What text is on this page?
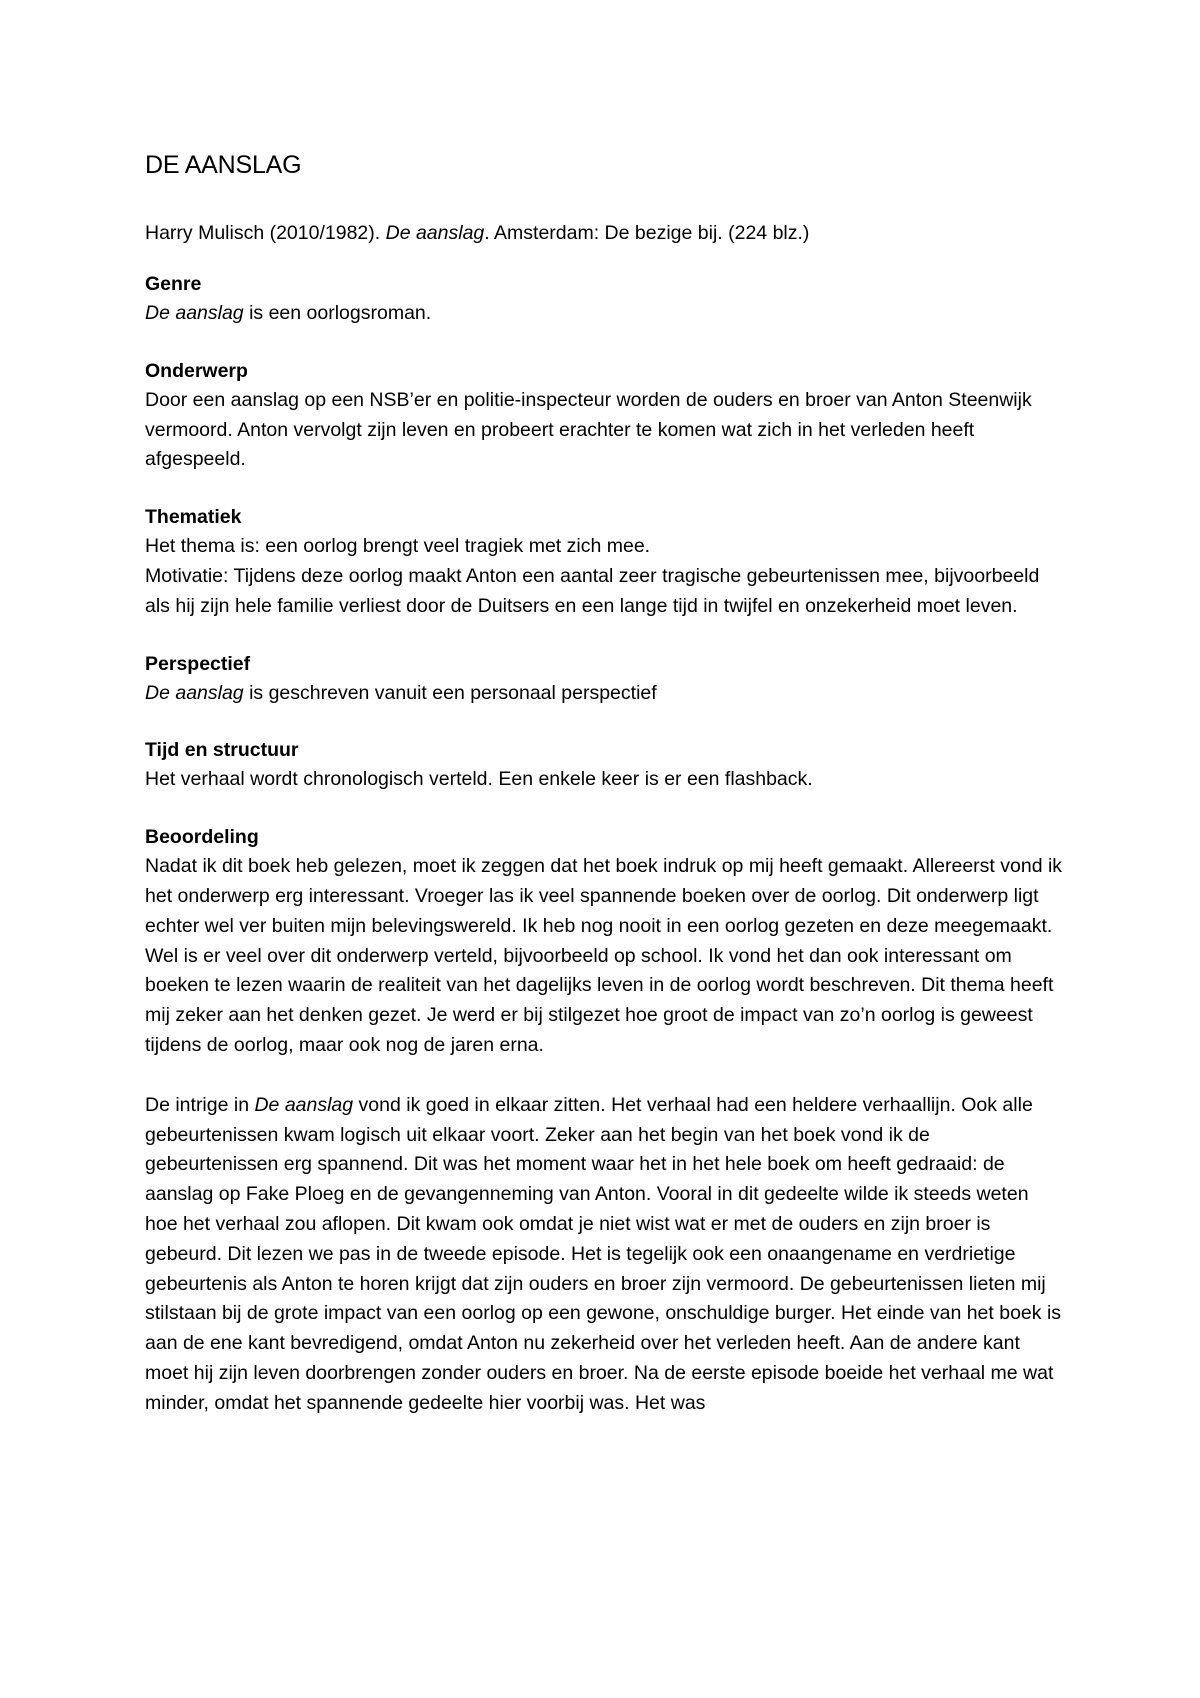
DE AANSLAG
Harry Mulisch (2010/1982). De aanslag. Amsterdam: De bezige bij. (224 blz.)
Genre
De aanslag is een oorlogsroman.
Onderwerp
Door een aanslag op een NSB’er en politie-inspecteur worden de ouders en broer van Anton Steenwijk vermoord. Anton vervolgt zijn leven en probeert erachter te komen wat zich in het verleden heeft afgespeeld.
Thematiek
Het thema is: een oorlog brengt veel tragiek met zich mee.
Motivatie: Tijdens deze oorlog maakt Anton een aantal zeer tragische gebeurtenissen mee, bijvoorbeeld als hij zijn hele familie verliest door de Duitsers en een lange tijd in twijfel en onzekerheid moet leven.
Perspectief
De aanslag is geschreven vanuit een personaal perspectief
Tijd en structuur
Het verhaal wordt chronologisch verteld. Een enkele keer is er een flashback.
Beoordeling
Nadat ik dit boek heb gelezen, moet ik zeggen dat het boek indruk op mij heeft gemaakt. Allereerst vond ik het onderwerp erg interessant. Vroeger las ik veel spannende boeken over de oorlog. Dit onderwerp ligt echter wel ver buiten mijn belevingswereld. Ik heb nog nooit in een oorlog gezeten en deze meegemaakt. Wel is er veel over dit onderwerp verteld, bijvoorbeeld op school. Ik vond het dan ook interessant om boeken te lezen waarin de realiteit van het dagelijks leven in de oorlog wordt beschreven. Dit thema heeft mij zeker aan het denken gezet. Je werd er bij stilgezet hoe groot de impact van zo’n oorlog is geweest tijdens de oorlog, maar ook nog de jaren erna.
De intrige in De aanslag vond ik goed in elkaar zitten. Het verhaal had een heldere verhaallijn. Ook alle gebeurtenissen kwam logisch uit elkaar voort. Zeker aan het begin van het boek vond ik de gebeurtenissen erg spannend. Dit was het moment waar het in het hele boek om heeft gedraaid: de aanslag op Fake Ploeg en de gevangenneming van Anton. Vooral in dit gedeelte wilde ik steeds weten hoe het verhaal zou aflopen. Dit kwam ook omdat je niet wist wat er met de ouders en zijn broer is gebeurd. Dit lezen we pas in de tweede episode. Het is tegelijk ook een onaangename en verdrietige gebeurtenis als Anton te horen krijgt dat zijn ouders en broer zijn vermoord. De gebeurtenissen lieten mij stilstaan bij de grote impact van een oorlog op een gewone, onschuldige burger. Het einde van het boek is aan de ene kant bevredigend, omdat Anton nu zekerheid over het verleden heeft. Aan de andere kant moet hij zijn leven doorbrengen zonder ouders en broer. Na de eerste episode boeide het verhaal me wat minder, omdat het spannende gedeelte hier voorbij was. Het was
